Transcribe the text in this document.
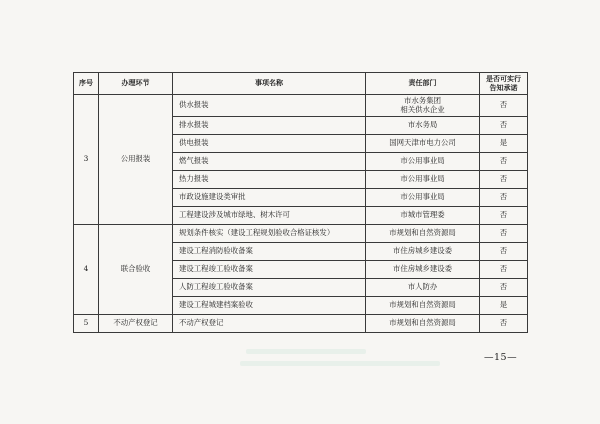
序号	办理环节	事项名称	责任部门	是否可实行
告知承诺

3	公用报装	供水报装	市水务集团
相关供水企业	否
		排水报装	市水务局	否
		供电报装	国网天津市电力公司	是
		燃气报装	市公用事业局	否
		热力报装	市公用事业局	否
		市政设施建设类审批	市公用事业局	否
		工程建设涉及城市绿地、树木许可	市城市管理委	否
4	联合验收	规划条件核实（建设工程规划验收合格证核发）	市规划和自然资源局	否
		建设工程消防验收备案	市住房城乡建设委	否
		建设工程竣工验收备案	市住房城乡建设委	否
		人防工程竣工验收备案	市人防办	否
		建设工程城建档案验收	市规划和自然资源局	是
5	不动产权登记	不动产权登记	市规划和自然资源局	否
—15—
